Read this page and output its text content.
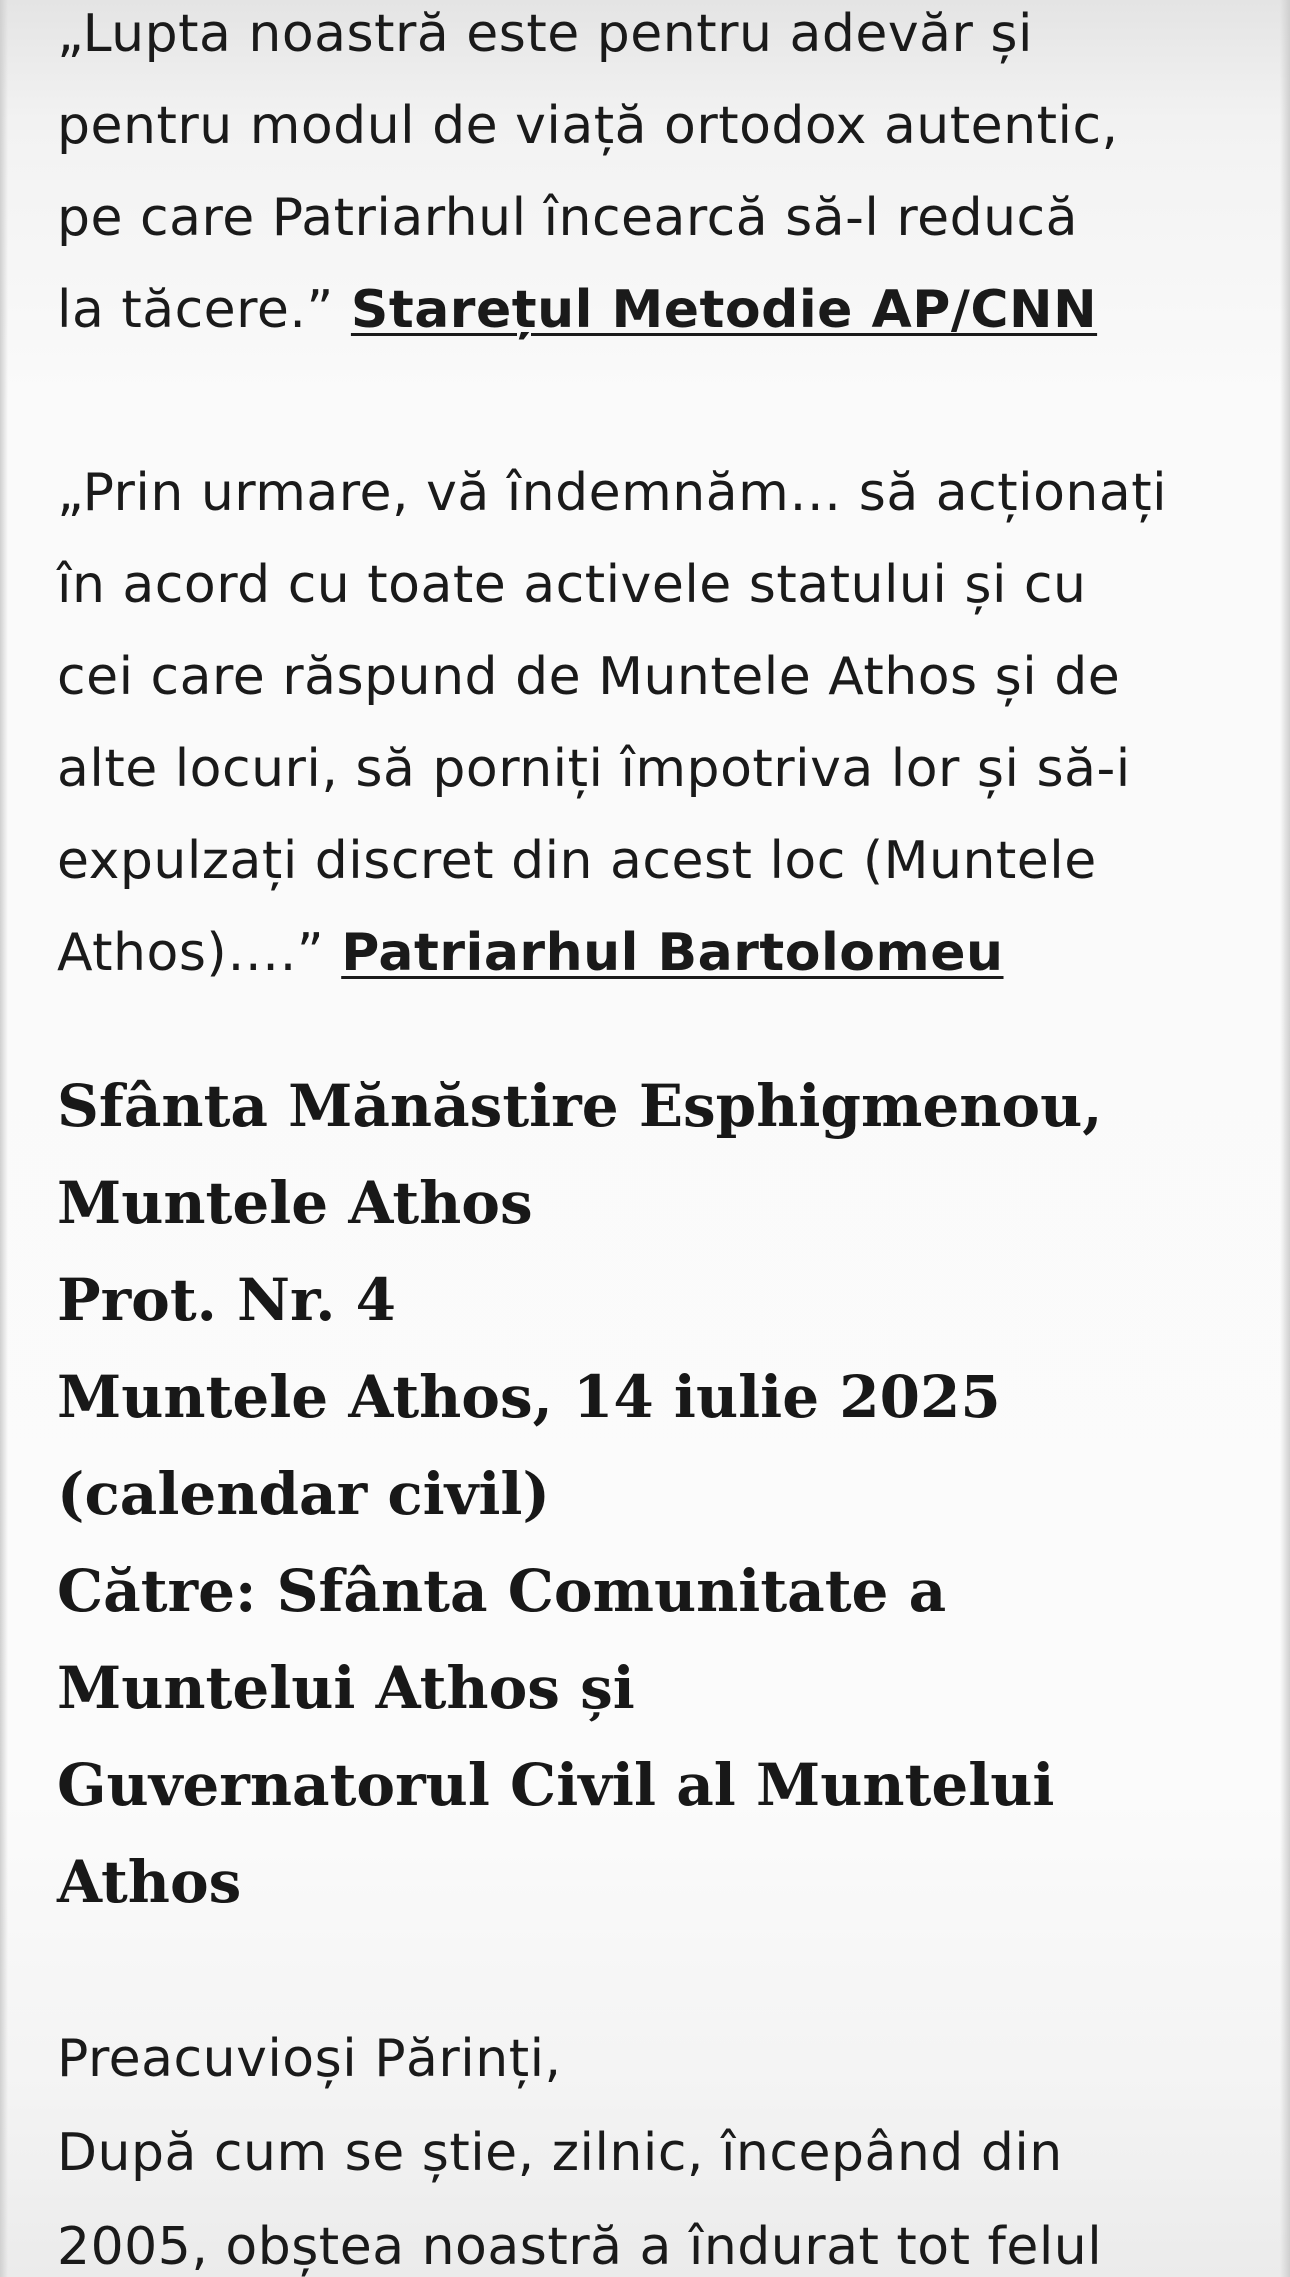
„Lupta noastră este pentru adevăr și
pentru modul de viață ortodox autentic,
pe care Patriarhul încearcă să-l reducă
la tăcere.” Starețul Metodie AP/CNN

„Prin urmare, vă îndemnăm… să acționați
în acord cu toate activele statului și cu
cei care răspund de Muntele Athos și de
alte locuri, să porniți împotriva lor și să-i
expulzați discret din acest loc (Muntele
Athos)….” Patriarhul Bartolomeu

Sfânta Mănăstire Esphigmenou,
Muntele Athos
Prot. Nr. 4
Muntele Athos, 14 iulie 2025
(calendar civil)
Către: Sfânta Comunitate a
Muntelui Athos și
Guvernatorul Civil al Muntelui
Athos

Preacuvioși Părinți,
După cum se știe, zilnic, începând din
2005, obștea noastră a îndurat tot felul
